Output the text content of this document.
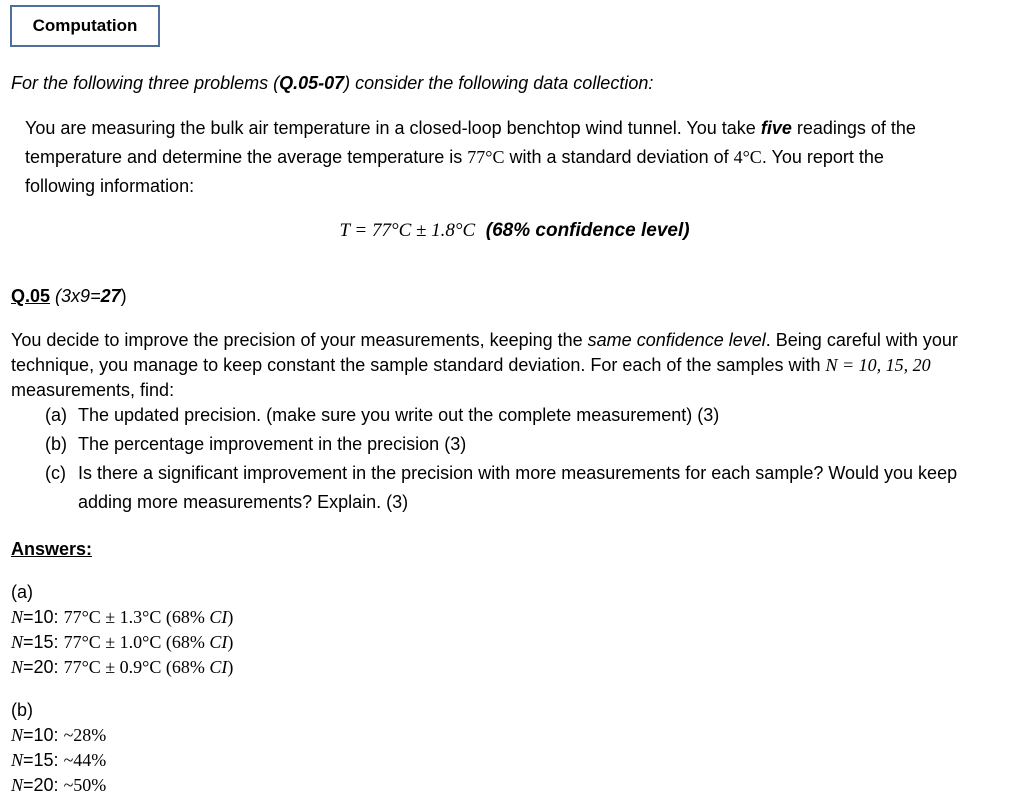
Computation
For the following three problems (Q.05-07) consider the following data collection:
You are measuring the bulk air temperature in a closed-loop benchtop wind tunnel. You take five readings of the
temperature and determine the average temperature is 77°C with a standard deviation of 4°C. You report the
following information:
T = 77°C ± 1.8°C (68% confidence level)
Q.05 (3x9=27)
You decide to improve the precision of your measurements, keeping the same confidence level. Being careful with your
technique, you manage to keep constant the sample standard deviation. For each of the samples with N = 10, 15, 20
measurements, find:
(a) The updated precision. (make sure you write out the complete measurement) (3)
(b) The percentage improvement in the precision (3)
(c) Is there a significant improvement in the precision with more measurements for each sample? Would you keep
adding more measurements? Explain. (3)
Answers:
(a)
N=10: 77°C ± 1.3°C (68% CI)
N=15: 77°C ± 1.0°C (68% CI)
N=20: 77°C ± 0.9°C (68% CI)
(b)
N=10: ~28%
N=15: ~44%
N=20: ~50%
